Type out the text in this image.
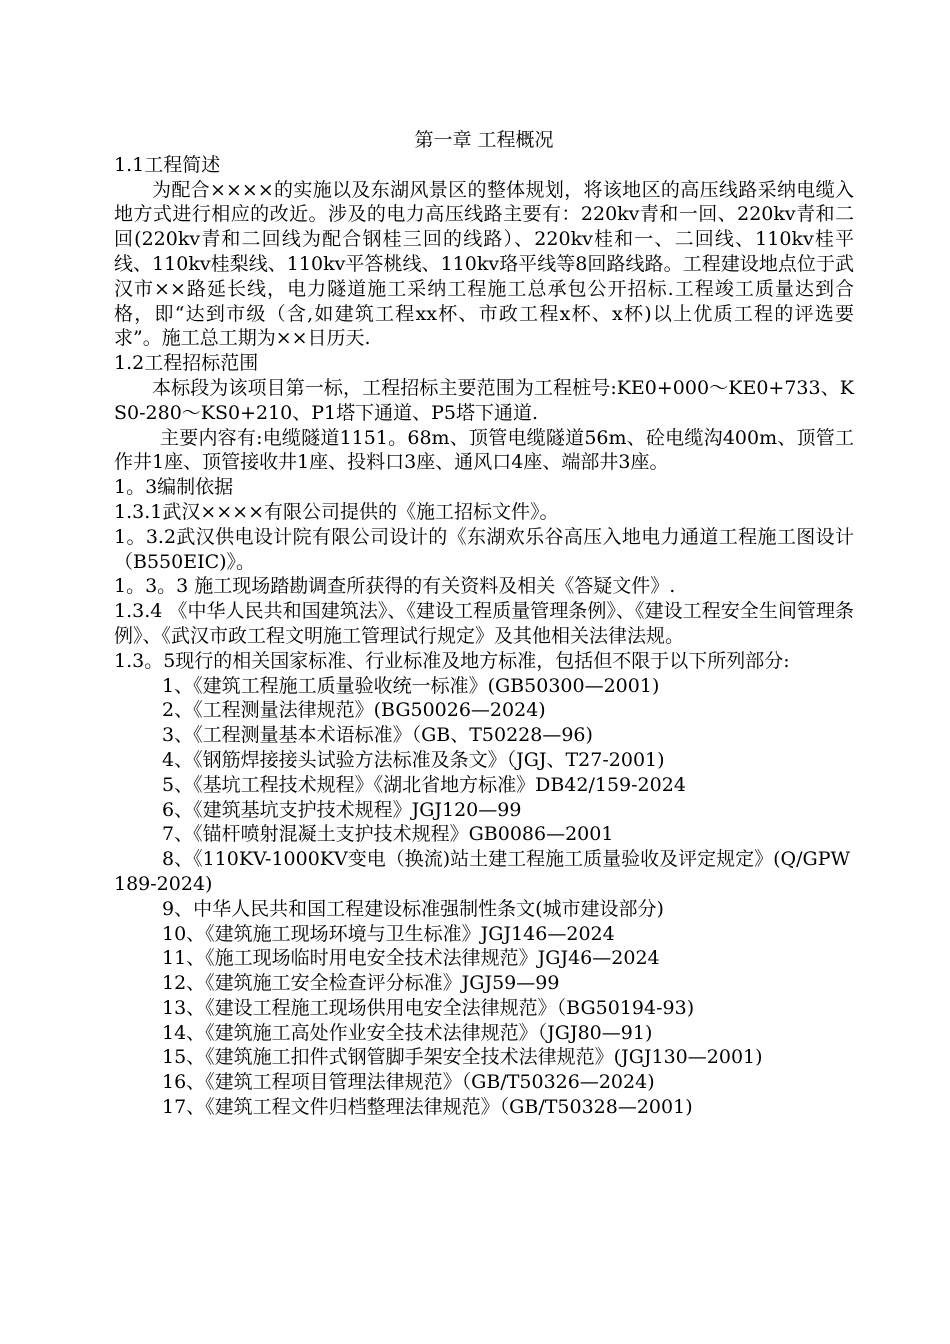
第一章 工程概况

1.1工程简述

为配合××××的实施以及东湖风景区的整体规划，将该地区的高压线路采纳电缆入地方式进行相应的改近。涉及的电力高压线路主要有：220kv青和一回、220kv青和二回(220kv青和二回线为配合钢桂三回的线路）、220kv桂和一、二回线、110kv桂平线、110kv桂梨线、110kv平答桃线、110kv珞平线等8回路线路。工程建设地点位于武汉市××路延长线，电力隧道施工采纳工程施工总承包公开招标.工程竣工质量达到合格，即“达到市级（含,如建筑工程xx杯、市政工程x杯、x杯)以上优质工程的评选要求”。施工总工期为××日历天.

1.2工程招标范围

本标段为该项目第一标，工程招标主要范围为工程桩号:KE0+000～KE0+733、KS0-280～KS0+210、P1塔下通道、P5塔下通道.

主要内容有:电缆隧道1151。68m、顶管电缆隧道56m、砼电缆沟400m、顶管工作井1座、顶管接收井1座、投料口3座、通风口4座、端部井3座。

1。3编制依据

1.3.1武汉××××有限公司提供的《施工招标文件》。

1。3.2武汉供电设计院有限公司设计的《东湖欢乐谷高压入地电力通道工程施工图设计（B550EIC)》。

1。3。3 施工现场踏勘调查所获得的有关资料及相关《答疑文件》.

1.3.4 《中华人民共和国建筑法》、《建设工程质量管理条例》、《建设工程安全生间管理条例》、《武汉市政工程文明施工管理试行规定》及其他相关法律法规。

1.3。5现行的相关国家标准、行业标准及地方标准，包括但不限于以下所列部分:

1、《建筑工程施工质量验收统一标准》(GB50300—2001)

2、《工程测量法律规范》(BG50026—2024)

3、《工程测量基本术语标准》（GB、T50228—96)

4、《钢筋焊接接头试验方法标准及条文》（JGJ、T27-2001)

5、《基坑工程技术规程》《湖北省地方标准》DB42/159-2024

6、《建筑基坑支护技术规程》JGJ120—99

7、《锚杆喷射混凝土支护技术规程》GB0086—2001

8、《110KV-1000KV变电（换流)站土建工程施工质量验收及评定规定》(Q/GPW189-2024)

9、中华人民共和国工程建设标准强制性条文(城市建设部分)

10、《建筑施工现场环境与卫生标准》JGJ146—2024

11、《施工现场临时用电安全技术法律规范》JGJ46—2024

12、《建筑施工安全检查评分标准》JGJ59—99

13、《建设工程施工现场供用电安全法律规范》（BG50194-93)

14、《建筑施工高处作业安全技术法律规范》（JGJ80—91)

15、《建筑施工扣件式钢管脚手架安全技术法律规范》(JGJ130—2001)

16、《建筑工程项目管理法律规范》（GB/T50326—2024)

17、《建筑工程文件归档整理法律规范》（GB/T50328—2001)
